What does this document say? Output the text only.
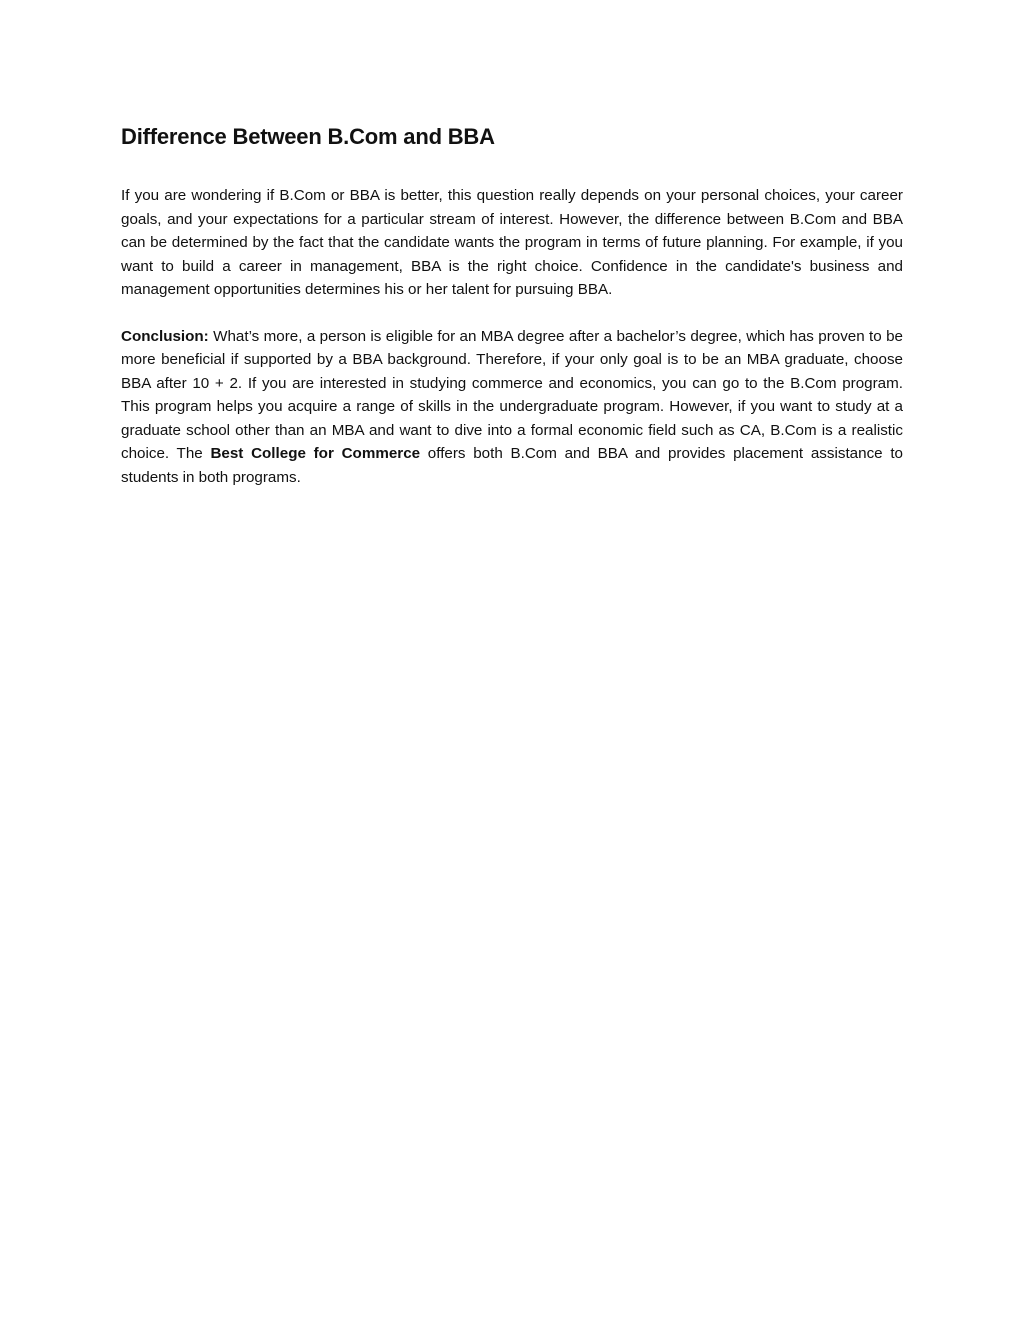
Difference Between B.Com and BBA

If you are wondering if B.Com or BBA is better, this question really depends on your personal choices, your career goals, and your expectations for a particular stream of interest. However, the difference between B.Com and BBA can be determined by the fact that the candidate wants the program in terms of future planning. For example, if you want to build a career in management, BBA is the right choice. Confidence in the candidate's business and management opportunities determines his or her talent for pursuing BBA.

Conclusion: What’s more, a person is eligible for an MBA degree after a bachelor’s degree, which has proven to be more beneficial if supported by a BBA background. Therefore, if your only goal is to be an MBA graduate, choose BBA after 10 + 2. If you are interested in studying commerce and economics, you can go to the B.Com program. This program helps you acquire a range of skills in the undergraduate program. However, if you want to study at a graduate school other than an MBA and want to dive into a formal economic field such as CA, B.Com is a realistic choice. The Best College for Commerce offers both B.Com and BBA and provides placement assistance to students in both programs.
